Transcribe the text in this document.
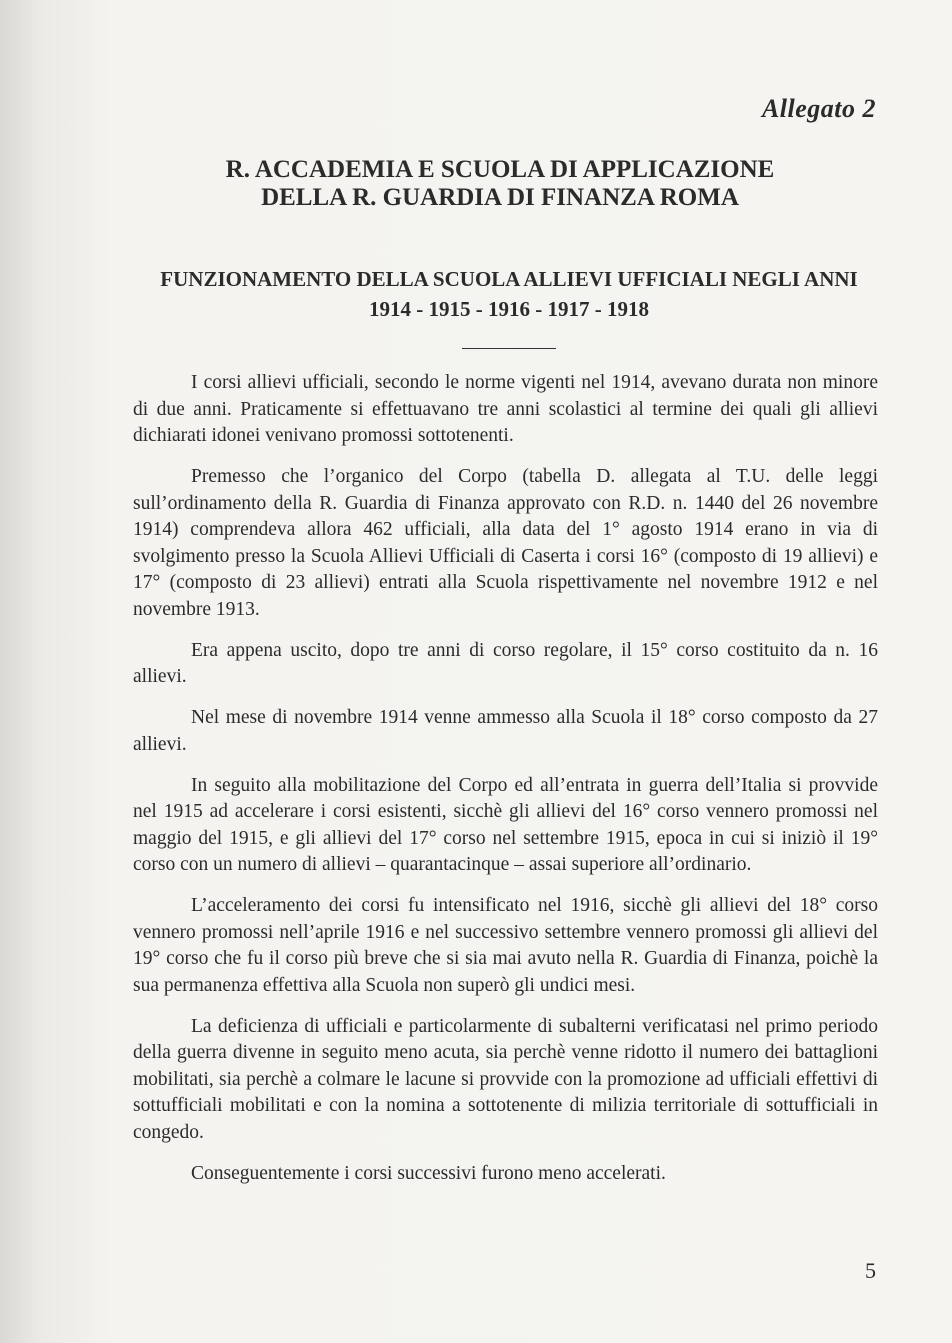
Allegato 2
R. ACCADEMIA E SCUOLA DI APPLICAZIONE
DELLA R. GUARDIA DI FINANZA ROMA
FUNZIONAMENTO DELLA SCUOLA ALLIEVI UFFICIALI NEGLI ANNI 1914 - 1915 - 1916 - 1917 - 1918

I corsi allievi ufficiali, secondo le norme vigenti nel 1914, avevano durata non minore di due anni. Praticamente si effettuavano tre anni scolastici al termine dei quali gli allievi dichiarati idonei venivano promossi sottotenenti.

Premesso che l’organico del Corpo (tabella D. allegata al T.U. delle leggi sull’ordinamento della R. Guardia di Finanza approvato con R.D. n. 1440 del 26 novembre 1914) comprendeva allora 462 ufficiali, alla data del 1° agosto 1914 erano in via di svolgimento presso la Scuola Allievi Ufficiali di Caserta i corsi 16° (composto di 19 allievi) e 17° (composto di 23 allievi) entrati alla Scuola rispettivamente nel novembre 1912 e nel novembre 1913.

Era appena uscito, dopo tre anni di corso regolare, il 15° corso costituito da n. 16 allievi.

Nel mese di novembre 1914 venne ammesso alla Scuola il 18° corso composto da 27 allievi.

In seguito alla mobilitazione del Corpo ed all’entrata in guerra dell’Italia si provvide nel 1915 ad accelerare i corsi esistenti, sicchè gli allievi del 16° corso vennero promossi nel maggio del 1915, e gli allievi del 17° corso nel settembre 1915, epoca in cui si iniziò il 19° corso con un numero di allievi – quarantacinque – assai superiore all’ordinario.

L’acceleramento dei corsi fu intensificato nel 1916, sicchè gli allievi del 18° corso vennero promossi nell’aprile 1916 e nel successivo settembre vennero promossi gli allievi del 19° corso che fu il corso più breve che si sia mai avuto nella R. Guardia di Finanza, poichè la sua permanenza effettiva alla Scuola non superò gli undici mesi.

La deficienza di ufficiali e particolarmente di subalterni verificatasi nel primo periodo della guerra divenne in seguito meno acuta, sia perchè venne ridotto il numero dei battaglioni mobilitati, sia perchè a colmare le lacune si provvide con la promozione ad ufficiali effettivi di sottufficiali mobilitati e con la nomina a sottotenente di milizia territoriale di sottufficiali in congedo.

Conseguentemente i corsi successivi furono meno accelerati.

5
